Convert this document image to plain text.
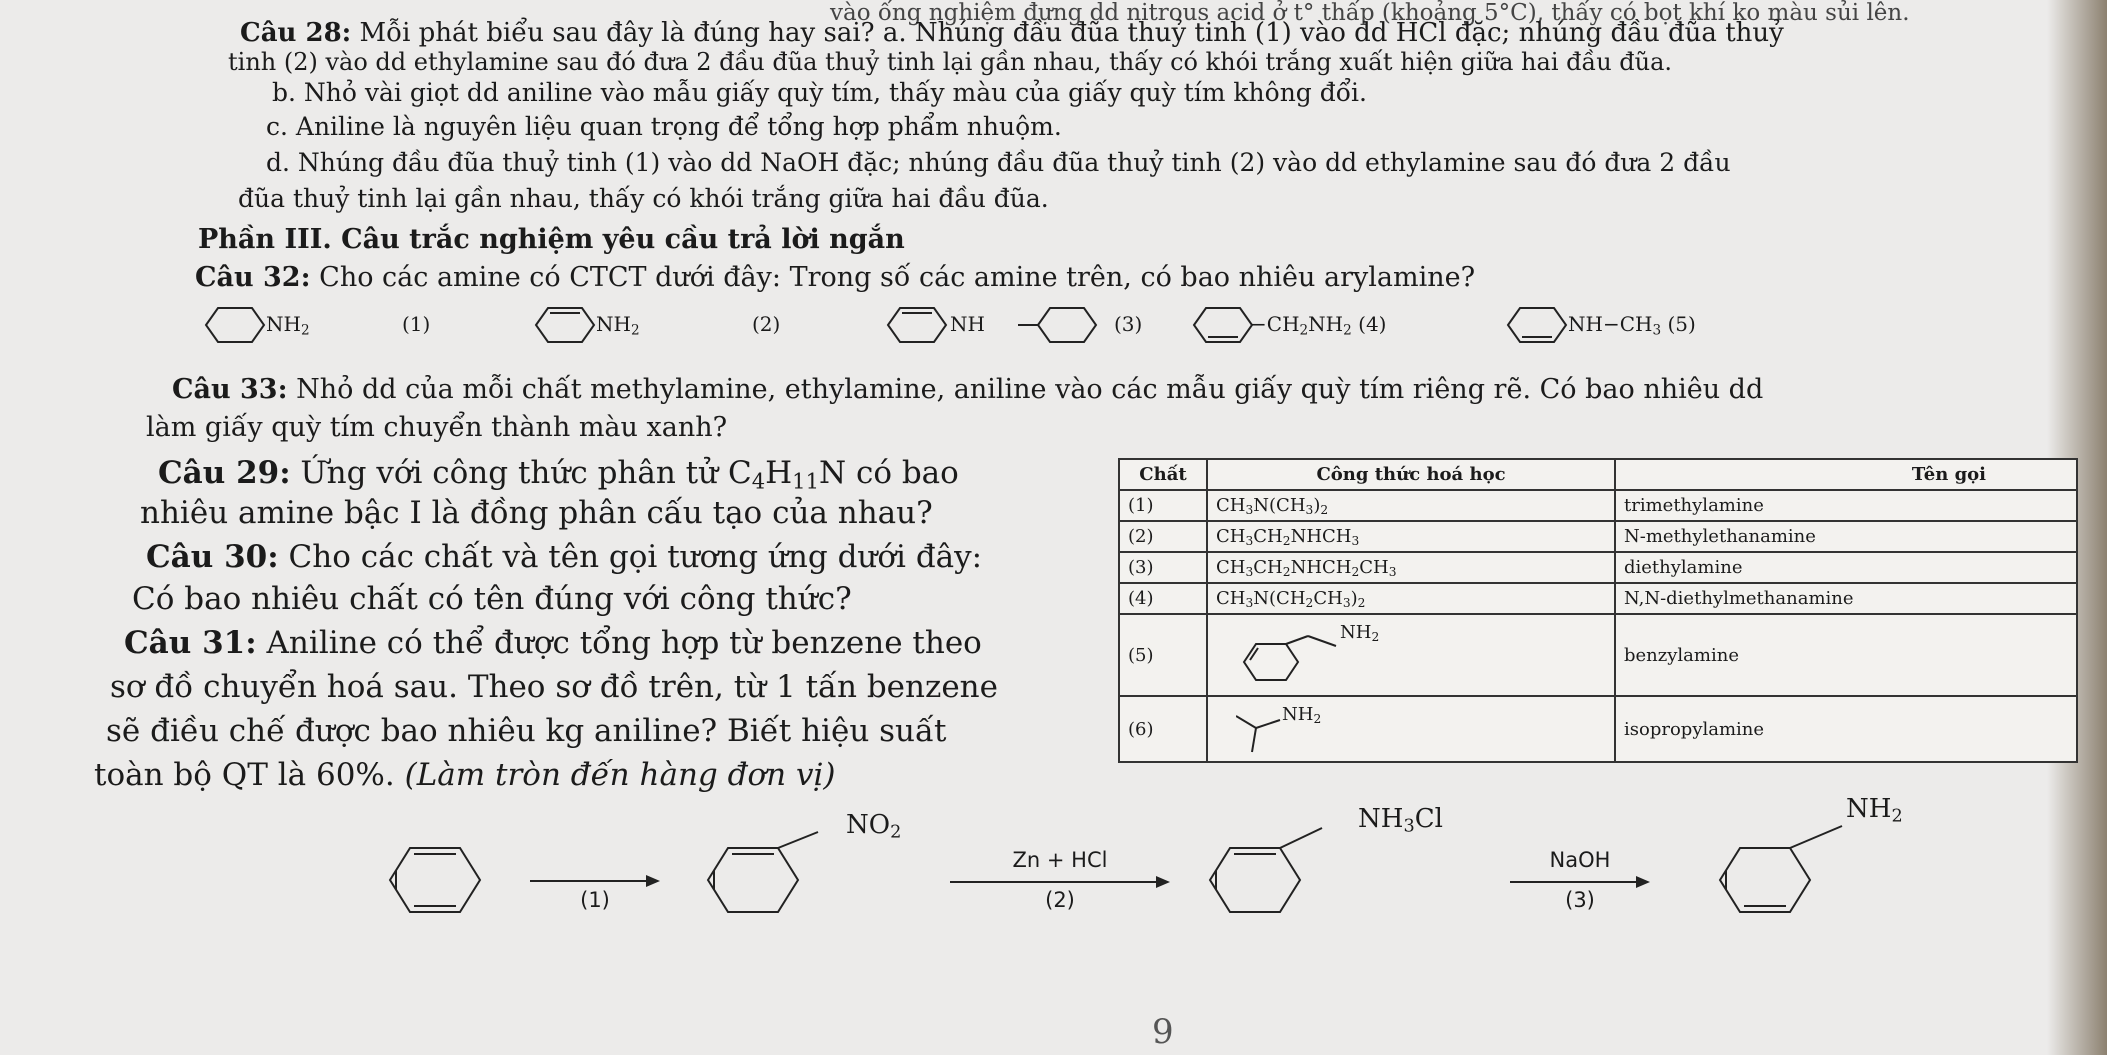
vào ống nghiệm đựng dd nitrous acid ở t° thấp (khoảng 5°C), thấy có bọt khí ko màu sủi lên.
Câu 28: Mỗi phát biểu sau đây là đúng hay sai? a. Nhúng đầu đũa thuỷ tinh (1) vào dd HCl đặc; nhúng đầu đũa thuỷ
tinh (2) vào dd ethylamine sau đó đưa 2 đầu đũa thuỷ tinh lại gần nhau, thấy có khói trắng xuất hiện giữa hai đầu đũa.
b. Nhỏ vài giọt dd aniline vào mẫu giấy quỳ tím, thấy màu của giấy quỳ tím không đổi.
c. Aniline là nguyên liệu quan trọng để tổng hợp phẩm nhuộm.
d. Nhúng đầu đũa thuỷ tinh (1) vào dd NaOH đặc; nhúng đầu đũa thuỷ tinh (2) vào dd ethylamine sau đó đưa 2 đầu
đũa thuỷ tinh lại gần nhau, thấy có khói trắng giữa hai đầu đũa.
Phần III. Câu trắc nghiệm yêu cầu trả lời ngắn
Câu 32: Cho các amine có CTCT dưới đây: Trong số các amine trên, có bao nhiêu arylamine?
$NH_2$	(1)	$NH_2$	(2)	NH	(3)	$-CH_2NH_2$ (4)	$NH-CH_3$ (5)
Câu 33: Nhỏ dd của mỗi chất methylamine, ethylamine, aniline vào các mẫu giấy quỳ tím riêng rẽ. Có bao nhiêu dd
làm giấy quỳ tím chuyển thành màu xanh?
Câu 29: Ứng với công thức phân tử $C_4H_{11}N$ có bao
nhiêu amine bậc I là đồng phân cấu tạo của nhau?
Câu 30: Cho các chất và tên gọi tương ứng dưới đây:
Có bao nhiêu chất có tên đúng với công thức?
Câu 31: Aniline có thể được tổng hợp từ benzene theo
sơ đồ chuyển hoá sau. Theo sơ đồ trên, từ 1 tấn benzene
sẽ điều chế được bao nhiêu kg aniline? Biết hiệu suất
toàn bộ QT là 60%. (Làm tròn đến hàng đơn vị)
Chất	Công thức hoá học	Tên gọi
(1)	$CH_3N(CH_3)_2$	trimethylamine
(2)	$CH_3CH_2NHCH_3$	N-methylethanamine
(3)	$CH_3CH_2NHCH_2CH_3$	diethylamine
(4)	$CH_3N(CH_2CH_3)_2$	N,N-diethylmethanamine
(5)	$NH_2$	benzylamine
(6)	$NH_2$	isopropylamine
(1)
$NO_2$
Zn + HCl
(2)
$NH_3Cl$
NaOH
(3)
$NH_2$
9
